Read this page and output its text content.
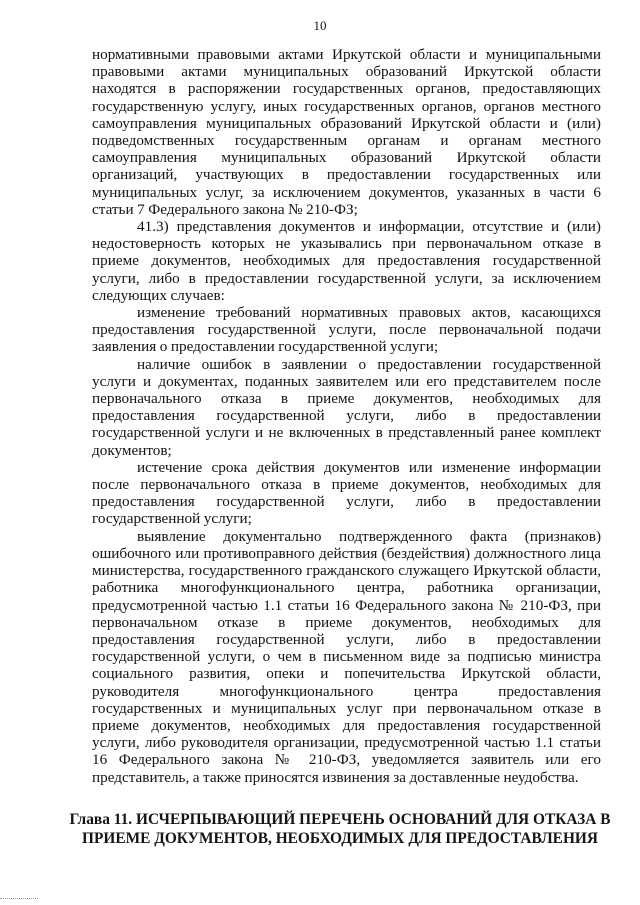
10

нормативными правовыми актами Иркутской области и муниципальными правовыми актами муниципальных образований Иркутской области находятся в распоряжении государственных органов, предоставляющих государственную услугу, иных государственных органов, органов местного самоуправления муниципальных образований Иркутской области и (или) подведомственных государственным органам и органам местного самоуправления муниципальных образований Иркутской области организаций, участвующих в предоставлении государственных или муниципальных услуг, за исключением документов, указанных в части 6 статьи 7 Федерального закона № 210-ФЗ;

41.3) представления документов и информации, отсутствие и (или) недостоверность которых не указывались при первоначальном отказе в приеме документов, необходимых для предоставления государственной услуги, либо в предоставлении государственной услуги, за исключением следующих случаев:

изменение требований нормативных правовых актов, касающихся предоставления государственной услуги, после первоначальной подачи заявления о предоставлении государственной услуги;

наличие ошибок в заявлении о предоставлении государственной услуги и документах, поданных заявителем или его представителем после первоначального отказа в приеме документов, необходимых для предоставления государственной услуги, либо в предоставлении государственной услуги и не включенных в представленный ранее комплект документов;

истечение срока действия документов или изменение информации после первоначального отказа в приеме документов, необходимых для предоставления государственной услуги, либо в предоставлении государственной услуги;

выявление документально подтвержденного факта (признаков) ошибочного или противоправного действия (бездействия) должностного лица министерства, государственного гражданского служащего Иркутской области, работника многофункционального центра, работника организации, предусмотренной частью 1.1 статьи 16 Федерального закона № 210-ФЗ, при первоначальном отказе в приеме документов, необходимых для предоставления государственной услуги, либо в предоставлении государственной услуги, о чем в письменном виде за подписью министра социального развития, опеки и попечительства Иркутской области, руководителя многофункционального центра предоставления государственных и муниципальных услуг при первоначальном отказе в приеме документов, необходимых для предоставления государственной услуги, либо руководителя организации, предусмотренной частью 1.1 статьи 16 Федерального закона № 210-ФЗ, уведомляется заявитель или его представитель, а также приносятся извинения за доставленные неудобства.

Глава 11. ИСЧЕРПЫВАЮЩИЙ ПЕРЕЧЕНЬ ОСНОВАНИЙ ДЛЯ ОТКАЗА В ПРИЕМЕ ДОКУМЕНТОВ, НЕОБХОДИМЫХ ДЛЯ ПРЕДОСТАВЛЕНИЯ
